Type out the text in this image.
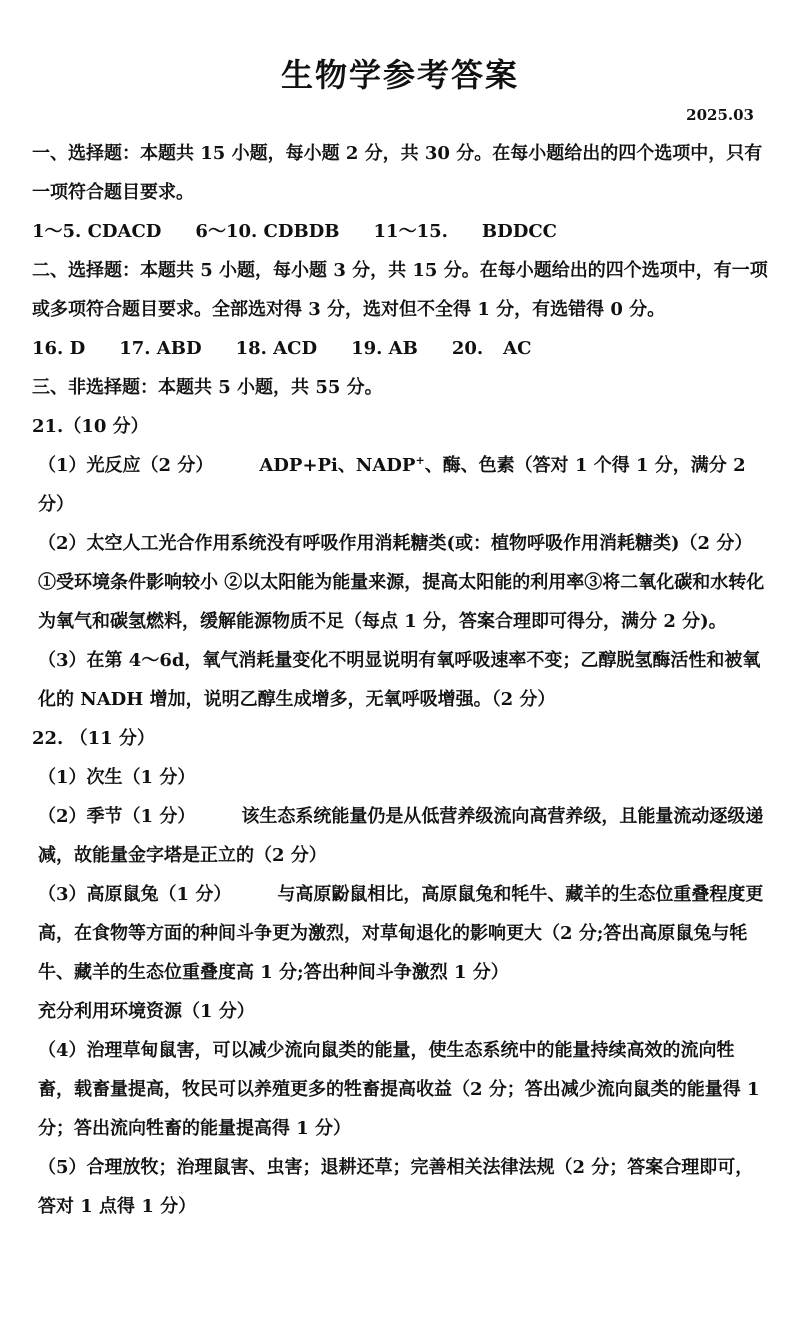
生物学参考答案
2025.03
一、选择题：本题共 15 小题，每小题 2 分，共 30 分。在每小题给出的四个选项中，只有一项符合题目要求。
1～5. CDACD 6～10. CDBDB 11～15. BDDCC
二、选择题：本题共 5 小题，每小题 3 分，共 15 分。在每小题给出的四个选项中，有一项或多项符合题目要求。全部选对得 3 分，选对但不全得 1 分，有选错得 0 分。
16. D 17. ABD 18. ACD 19. AB 20. AC
三、非选择题：本题共 5 小题，共 55 分。
21.（10 分）
（1）光反应（2 分）	ADP+Pi、NADP+、酶、色素（答对 1 个得 1 分，满分 2 分）
（2）太空人工光合作用系统没有呼吸作用消耗糖类(或：植物呼吸作用消耗糖类)（2 分）
①受环境条件影响较小 ②以太阳能为能量来源，提高太阳能的利用率③将二氧化碳和水转化为氧气和碳氢燃料，缓解能源物质不足（每点 1 分，答案合理即可得分，满分 2 分)。
（3）在第 4～6d，氧气消耗量变化不明显说明有氧呼吸速率不变；乙醇脱氢酶活性和被氧化的 NADH 增加，说明乙醇生成增多，无氧呼吸增强。（2 分）
22. （11 分）
（1）次生（1 分）
（2）季节（1 分）	该生态系统能量仍是从低营养级流向高营养级，且能量流动逐级递减，故能量金字塔是正立的（2 分）
（3）高原鼠兔（1 分）	与高原鼢鼠相比，高原鼠兔和牦牛、藏羊的生态位重叠程度更高，在食物等方面的种间斗争更为激烈，对草甸退化的影响更大（2 分;答出高原鼠兔与牦牛、藏羊的生态位重叠度高 1 分;答出种间斗争激烈 1 分）
充分利用环境资源（1 分）
（4）治理草甸鼠害，可以减少流向鼠类的能量，使生态系统中的能量持续高效的流向牲畜，载畜量提高，牧民可以养殖更多的牲畜提高收益（2 分；答出减少流向鼠类的能量得 1 分；答出流向牲畜的能量提高得 1 分）
（5）合理放牧；治理鼠害、虫害；退耕还草；完善相关法律法规（2 分；答案合理即可，答对 1 点得 1 分）
